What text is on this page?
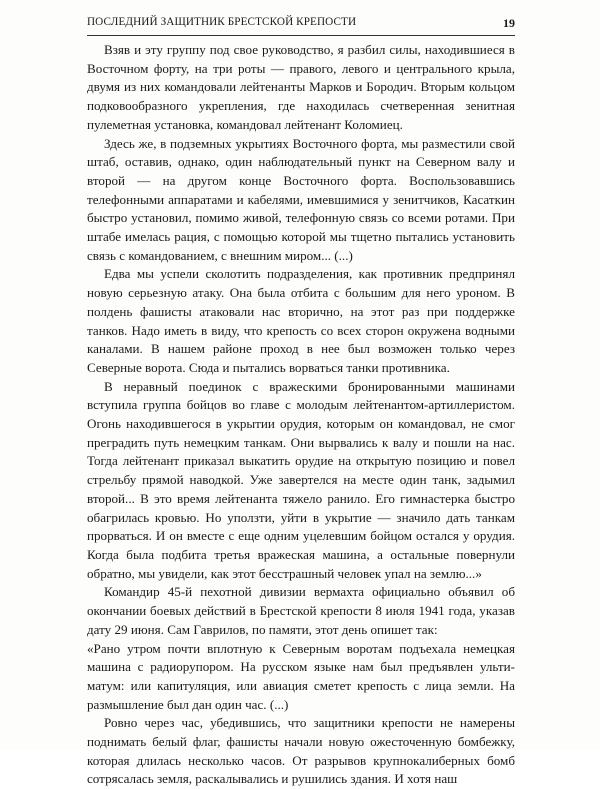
ПОСЛЕДНИЙ ЗАЩИТНИК БРЕСТСКОЙ КРЕПОСТИ	19

Взяв и эту группу под свое руководство, я разбил силы, находившиеся в Восточном форту, на три роты — правого, левого и центрального крыла, двумя из них командовали лейтенанты Марков и Бородич. Вторым кольцом подковообразного укрепления, где находилась счетверенная зенитная пулеметная установка, командовал лейтенант Коломиец.

Здесь же, в подземных укрытиях Восточного форта, мы разместили свой штаб, оставив, однако, один наблюдательный пункт на Северном валу и второй — на другом конце Восточного форта. Воспользовавшись телефонными аппаратами и кабелями, имевшимися у зенитчиков, Касаткин быстро установил, помимо живой, телефонную связь со всеми ротами. При штабе имелась рация, с помощью которой мы тщетно пытались установить связь с командованием, с внешним миром... (...)

Едва мы успели сколотить подразделения, как противник предпринял новую серьезную атаку. Она была отбита с большим для него уроном. В полдень фашисты атаковали нас вторично, на этот раз при поддержке танков. Надо иметь в виду, что крепость со всех сторон окружена водными каналами. В нашем районе проход в нее был возможен только через Северные ворота. Сюда и пытались ворваться танки противника.

В неравный поединок с вражескими бронированными машинами вступила группа бойцов во главе с молодым лейтенантом-артиллеристом. Огонь находившегося в укрытии орудия, которым он командовал, не смог преградить путь немецким танкам. Они вырвались к валу и пошли на нас. Тогда лейтенант приказал выкатить орудие на открытую позицию и повел стрельбу прямой наводкой. Уже завертелся на месте один танк, задымил второй... В это время лейтенанта тяжело ранило. Его гимнастерка быстро обагрилась кровью. Но уползти, уйти в укрытие — значило дать танкам прорваться. И он вместе с еще одним уцелевшим бойцом остался у орудия. Когда была подбита третья вражеская машина, а остальные повернули обратно, мы увидели, как этот бесстрашный человек упал на землю...»

Командир 45-й пехотной дивизии вермахта официально объявил об окончании боевых действий в Брестской крепости 8 июля 1941 года, указав дату 29 июня. Сам Гаврилов, по памяти, этот день опишет так:

«Рано утром почти вплотную к Северным воротам подъехала немецкая машина с радиорупором. На русском языке нам был предъявлен ультиматум: или капитуляция, или авиация сметет крепость с лица земли. На размышление был дан один час. (...)

Ровно через час, убедившись, что защитники крепости не намерены поднимать белый флаг, фашисты начали новую ожесточенную бомбежку, которая длилась несколько часов. От разрывов крупнокалиберных бомб сотрясалась земля, раскалывались и рушились здания. И хотя наш
